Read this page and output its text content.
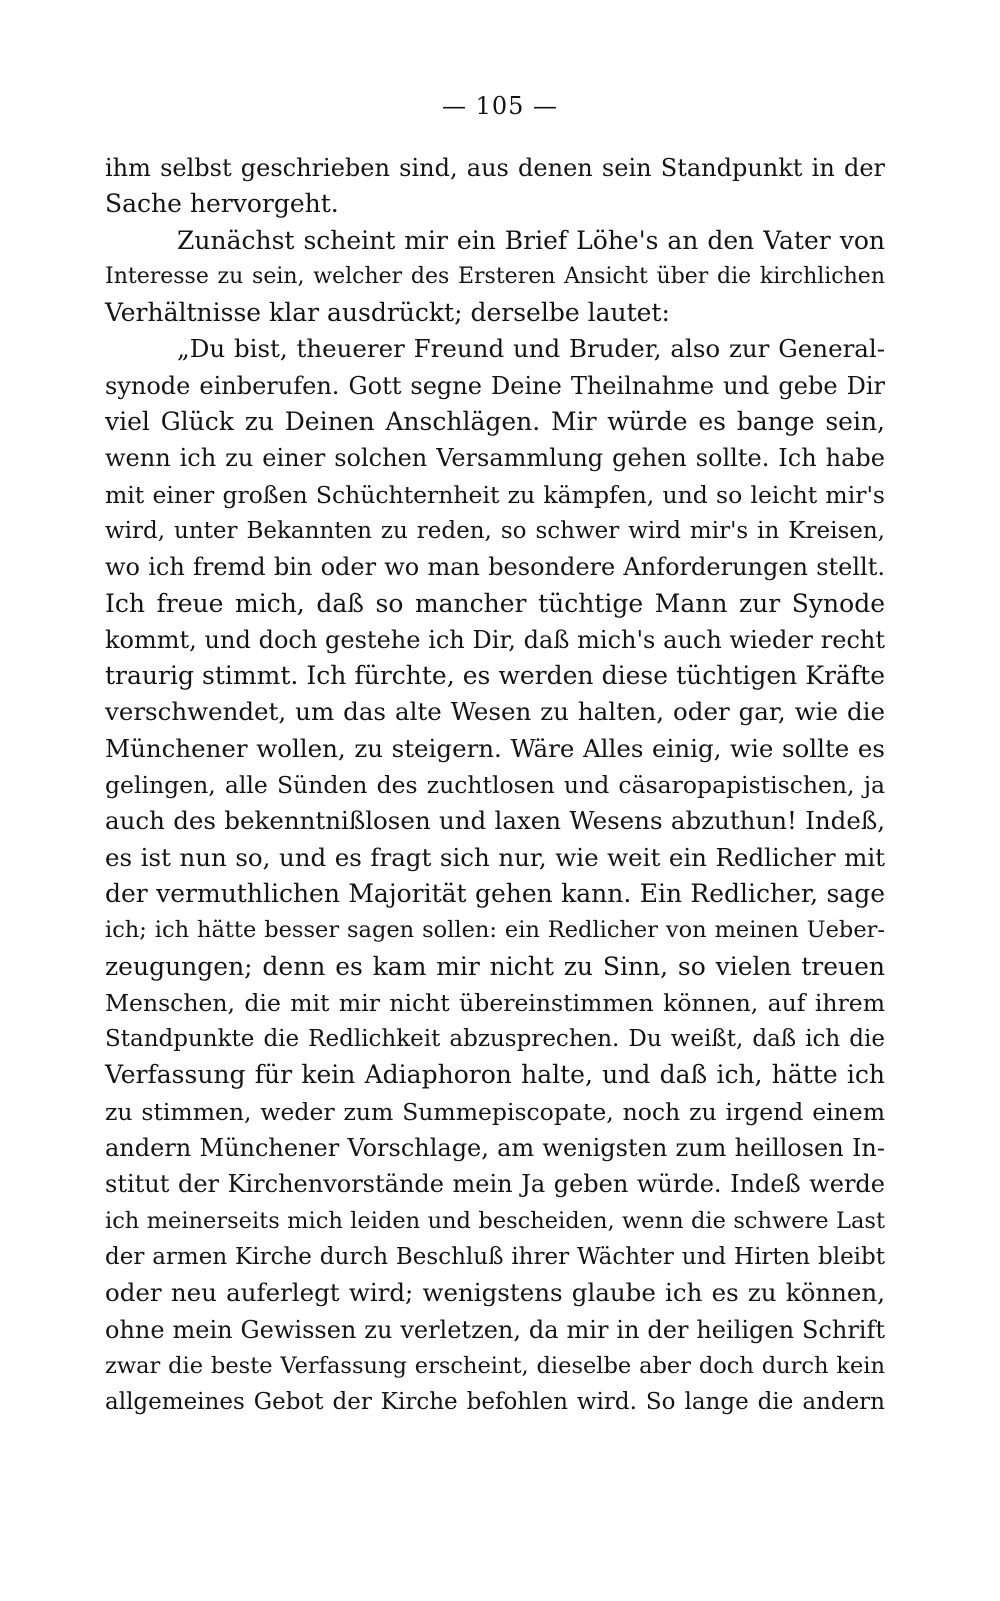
— 105 —
ihm selbst geschrieben sind, aus denen sein Standpunkt in der
Sache hervorgeht.
Zunächst scheint mir ein Brief Löhe's an den Vater von
Interesse zu sein, welcher des Ersteren Ansicht über die kirchlichen
Verhältnisse klar ausdrückt; derselbe lautet:
„Du bist, theuerer Freund und Bruder, also zur General-
synode einberufen. Gott segne Deine Theilnahme und gebe Dir
viel Glück zu Deinen Anschlägen. Mir würde es bange sein,
wenn ich zu einer solchen Versammlung gehen sollte. Ich habe
mit einer großen Schüchternheit zu kämpfen, und so leicht mir's
wird, unter Bekannten zu reden, so schwer wird mir's in Kreisen,
wo ich fremd bin oder wo man besondere Anforderungen stellt.
Ich freue mich, daß so mancher tüchtige Mann zur Synode
kommt, und doch gestehe ich Dir, daß mich's auch wieder recht
traurig stimmt. Ich fürchte, es werden diese tüchtigen Kräfte
verschwendet, um das alte Wesen zu halten, oder gar, wie die
Münchener wollen, zu steigern. Wäre Alles einig, wie sollte es
gelingen, alle Sünden des zuchtlosen und cäsaropapistischen, ja
auch des bekenntnißlosen und laxen Wesens abzuthun! Indeß,
es ist nun so, und es fragt sich nur, wie weit ein Redlicher mit
der vermuthlichen Majorität gehen kann. Ein Redlicher, sage
ich; ich hätte besser sagen sollen: ein Redlicher von meinen Ueber-
zeugungen; denn es kam mir nicht zu Sinn, so vielen treuen
Menschen, die mit mir nicht übereinstimmen können, auf ihrem
Standpunkte die Redlichkeit abzusprechen. Du weißt, daß ich die
Verfassung für kein Adiaphoron halte, und daß ich, hätte ich
zu stimmen, weder zum Summepiscopate, noch zu irgend einem
andern Münchener Vorschlage, am wenigsten zum heillosen In-
stitut der Kirchenvorstände mein Ja geben würde. Indeß werde
ich meinerseits mich leiden und bescheiden, wenn die schwere Last
der armen Kirche durch Beschluß ihrer Wächter und Hirten bleibt
oder neu auferlegt wird; wenigstens glaube ich es zu können,
ohne mein Gewissen zu verletzen, da mir in der heiligen Schrift
zwar die beste Verfassung erscheint, dieselbe aber doch durch kein
allgemeines Gebot der Kirche befohlen wird. So lange die andern
